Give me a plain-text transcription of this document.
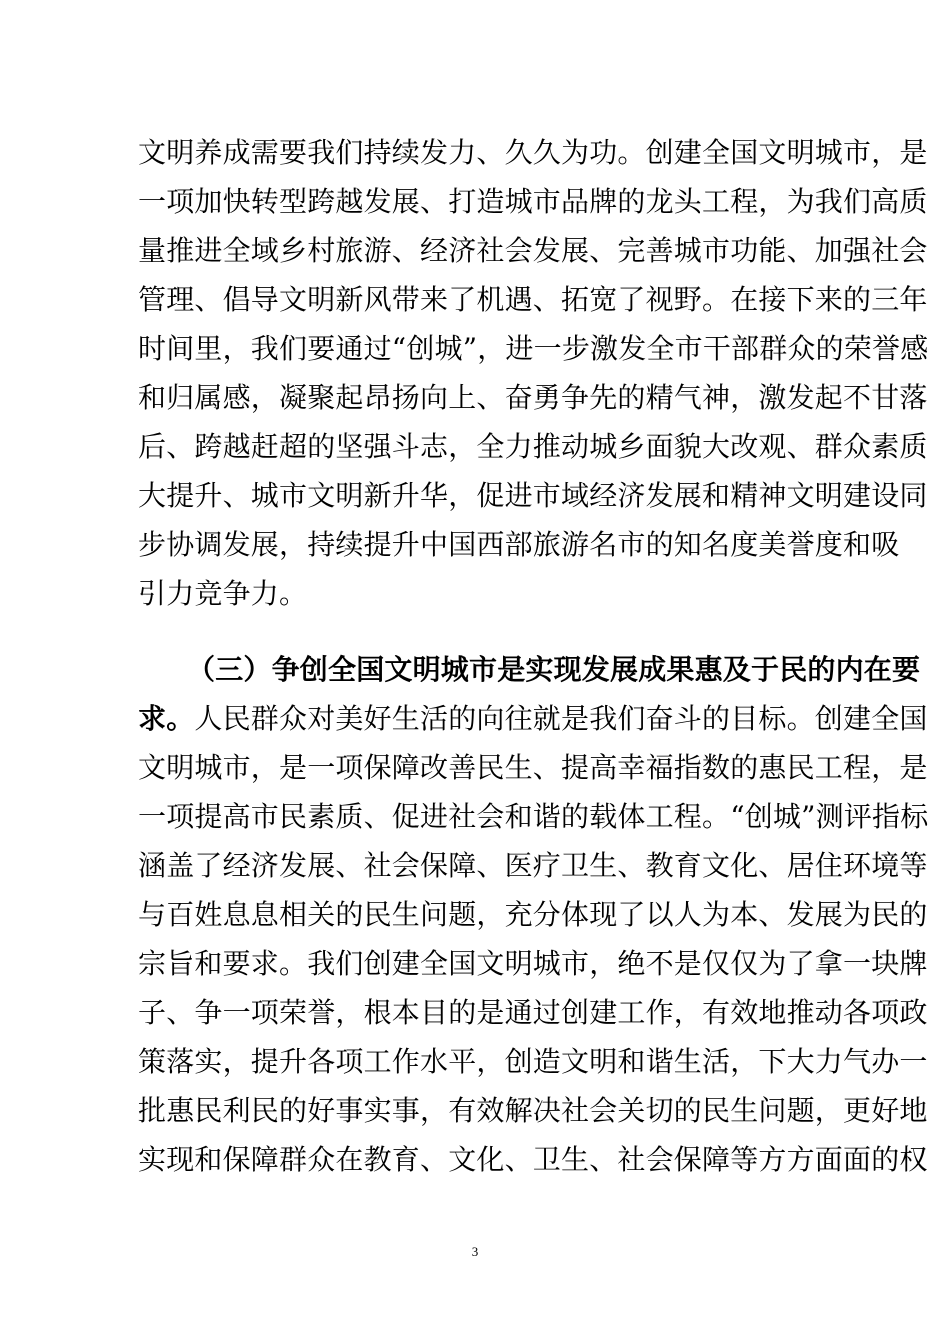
文明养成需要我们持续发力、久久为功。创建全国文明城市，是
一项加快转型跨越发展、打造城市品牌的龙头工程，为我们高质
量推进全域乡村旅游、经济社会发展、完善城市功能、加强社会
管理、倡导文明新风带来了机遇、拓宽了视野。在接下来的三年
时间里，我们要通过“创城”，进一步激发全市干部群众的荣誉感
和归属感，凝聚起昂扬向上、奋勇争先的精气神，激发起不甘落
后、跨越赶超的坚强斗志，全力推动城乡面貌大改观、群众素质
大提升、城市文明新升华，促进市域经济发展和精神文明建设同
步协调发展，持续提升中国西部旅游名市的知名度美誉度和吸
引力竞争力。
（三）争创全国文明城市是实现发展成果惠及于民的内在要
求。人民群众对美好生活的向往就是我们奋斗的目标。创建全国
文明城市，是一项保障改善民生、提高幸福指数的惠民工程，是
一项提高市民素质、促进社会和谐的载体工程。“创城”测评指标
涵盖了经济发展、社会保障、医疗卫生、教育文化、居住环境等
与百姓息息相关的民生问题，充分体现了以人为本、发展为民的
宗旨和要求。我们创建全国文明城市，绝不是仅仅为了拿一块牌
子、争一项荣誉，根本目的是通过创建工作，有效地推动各项政
策落实，提升各项工作水平，创造文明和谐生活，下大力气办一
批惠民利民的好事实事，有效解决社会关切的民生问题，更好地
实现和保障群众在教育、文化、卫生、社会保障等方方面面的权
3
